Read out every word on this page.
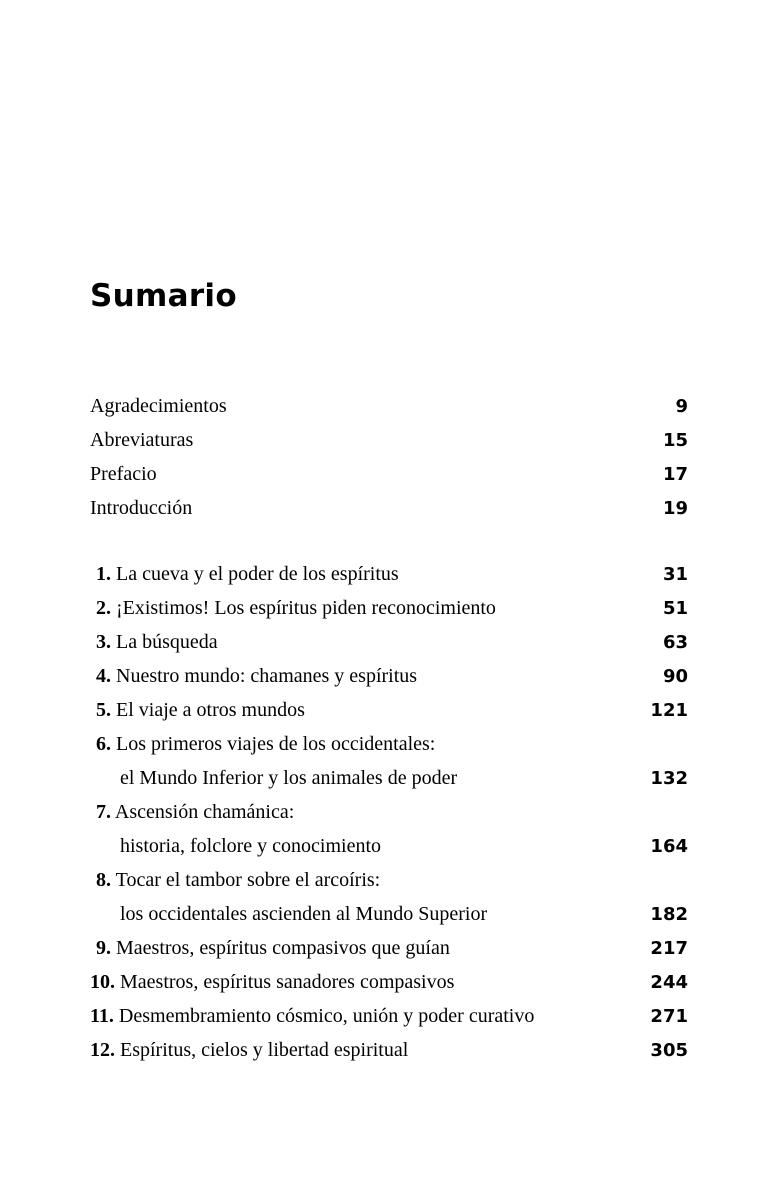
Sumario
Agradecimientos	9
Abreviaturas	15
Prefacio	17
Introducción	19
1. La cueva y el poder de los espíritus	31
2. ¡Existimos! Los espíritus piden reconocimiento	51
3. La búsqueda	63
4. Nuestro mundo: chamanes y espíritus	90
5. El viaje a otros mundos	121
6. Los primeros viajes de los occidentales:
el Mundo Inferior y los animales de poder	132
7. Ascensión chamánica:
historia, folclore y conocimiento	164
8. Tocar el tambor sobre el arcoíris:
los occidentales ascienden al Mundo Superior	182
9. Maestros, espíritus compasivos que guían	217
10. Maestros, espíritus sanadores compasivos	244
11. Desmembramiento cósmico, unión y poder curativo	271
12. Espíritus, cielos y libertad espiritual	305
